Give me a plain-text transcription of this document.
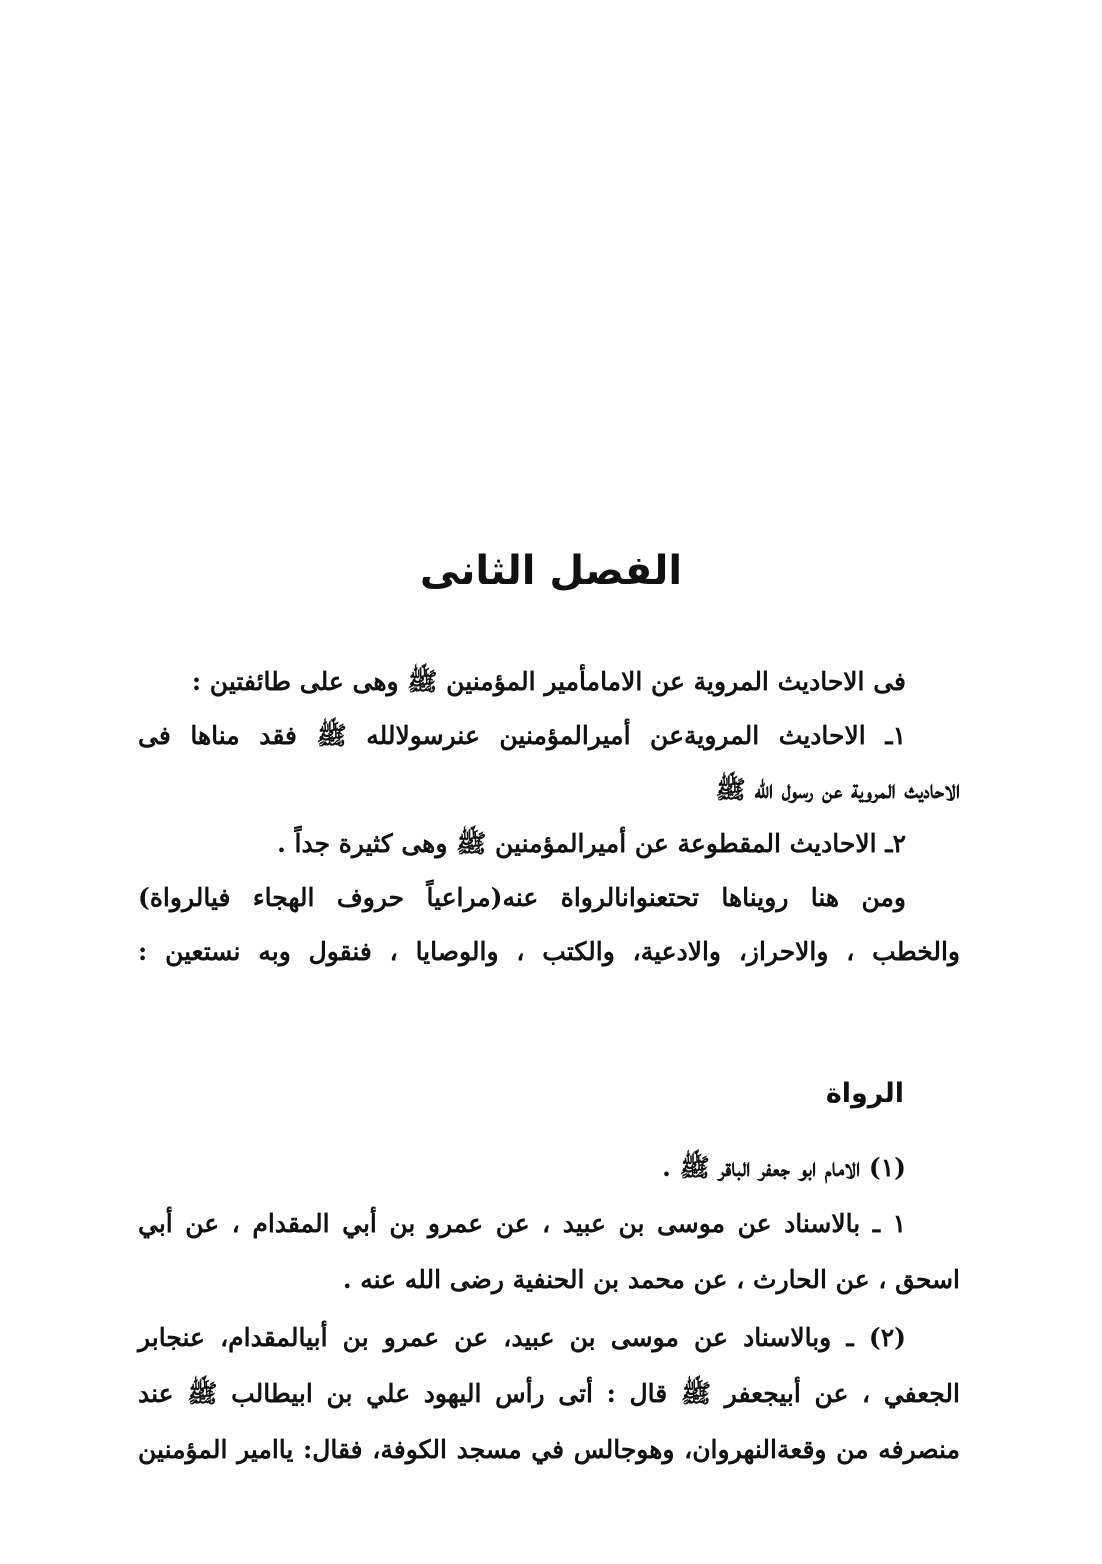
الفصل الثانى
فى الاحاديث المروية عن الامامأمير المؤمنين ﷺ وهى على طائفتين :
١ـ الاحاديث المرويةعن أميرالمؤمنين عنرسولالله ﷺ فقد مناها فى
الاحاديث المروية عن رسول الله ﷺ
٢ـ الاحاديث المقطوعة عن أميرالمؤمنين ﷺ وهى كثيرة جداً .
ومن هنا رويناها تحتعنوانالرواة عنه(مراعياً حروف الهجاء فيالرواة)
والخطب ، والاحراز، والادعية، والكتب ، والوصايا ، فنقول وبه نستعين :
الرواة
(١) الامام ابو جعفر الباقر ﷺ .
١ ـ بالاسناد عن موسى بن عبيد ، عن عمرو بن أبي المقدام ، عن أبي
اسحق ، عن الحارث ، عن محمد بن الحنفية رضى الله عنه .
(٢) ـ وبالاسناد عن موسى بن عبيد، عن عمرو بن أبيالمقدام، عنجابر
الجعفي ، عن أبيجعفر ﷺ قال : أتى رأس اليهود علي بن ابيطالب ﷺ عند
منصرفه من وقعةالنهروان، وهوجالس في مسجد الكوفة، فقال: ياامير المؤمنين
